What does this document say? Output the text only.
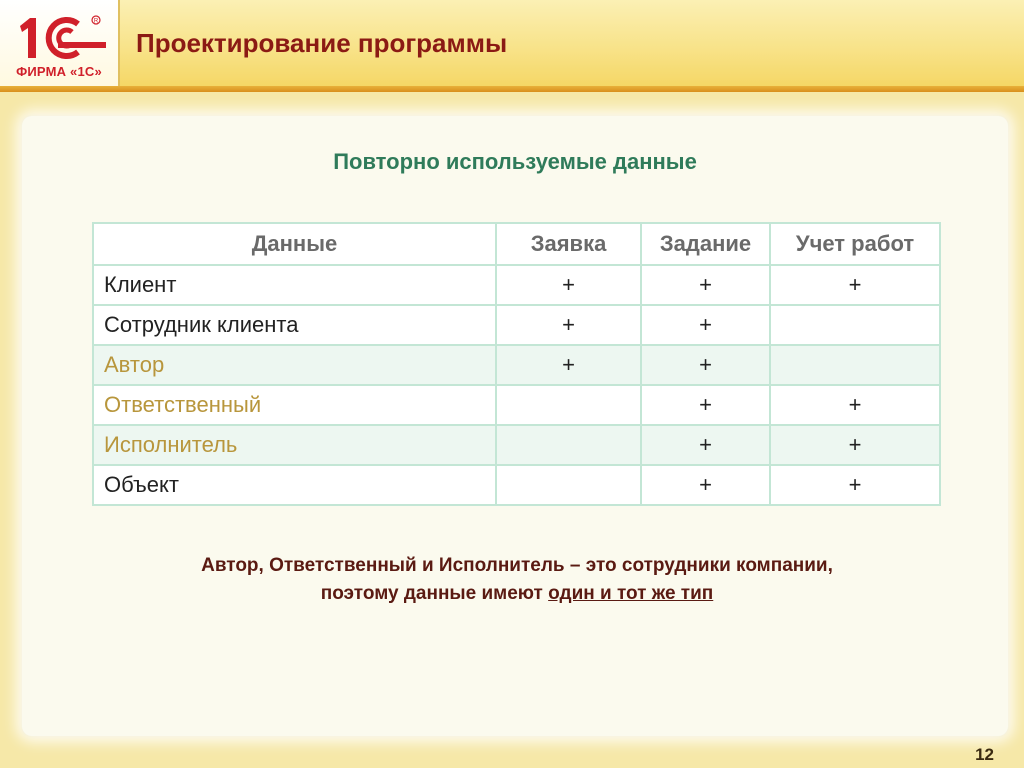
R
ФИРМА «1С»
Проектирование программы
Повторно используемые данные
Данные	Заявка	Задание	Учет работ
Клиент	+	+	+
Сотрудник клиента	+	+	
Автор	+	+	
Ответственный		+	+
Исполнитель		+	+
Объект		+	+
Автор, Ответственный и Исполнитель – это сотрудники компании,
поэтому данные имеют один и тот же тип
12
